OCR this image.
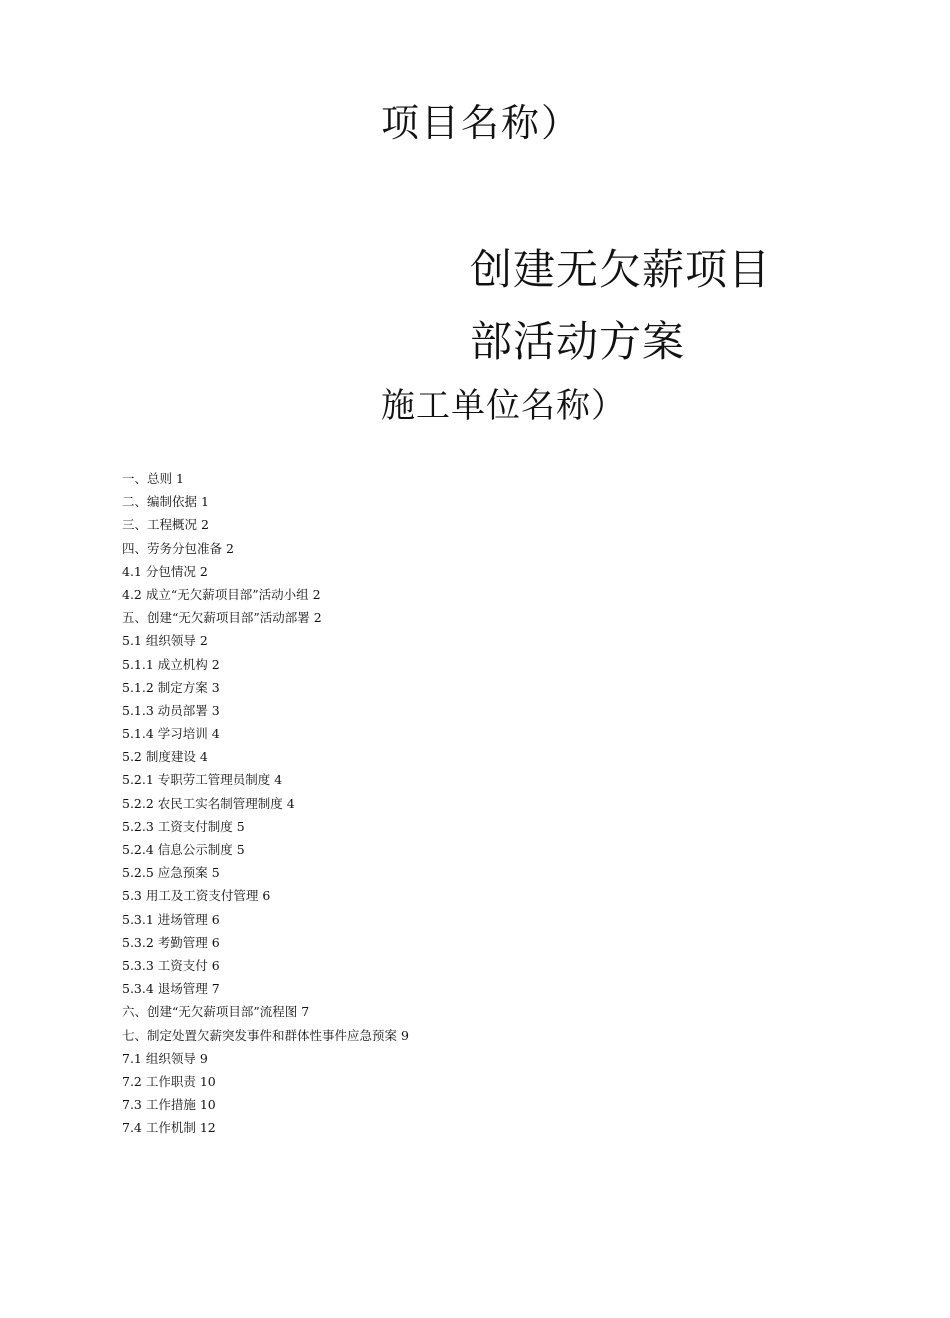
项目名称）
创建无欠薪项目
部活动方案
施工单位名称）
一、总则 1
二、编制依据 1
三、工程概况 2
四、劳务分包准备 2
4.1 分包情况 2
4.2 成立“无欠薪项目部”活动小组 2
五、创建“无欠薪项目部”活动部署 2
5.1 组织领导 2
5.1.1 成立机构 2
5.1.2 制定方案 3
5.1.3 动员部署 3
5.1.4 学习培训 4
5.2 制度建设 4
5.2.1 专职劳工管理员制度 4
5.2.2 农民工实名制管理制度 4
5.2.3 工资支付制度 5
5.2.4 信息公示制度 5
5.2.5 应急预案 5
5.3 用工及工资支付管理 6
5.3.1 进场管理 6
5.3.2 考勤管理 6
5.3.3 工资支付 6
5.3.4 退场管理 7
六、创建“无欠薪项目部”流程图 7
七、制定处置欠薪突发事件和群体性事件应急预案 9
7.1 组织领导 9
7.2 工作职责 10
7.3 工作措施 10
7.4 工作机制 12
